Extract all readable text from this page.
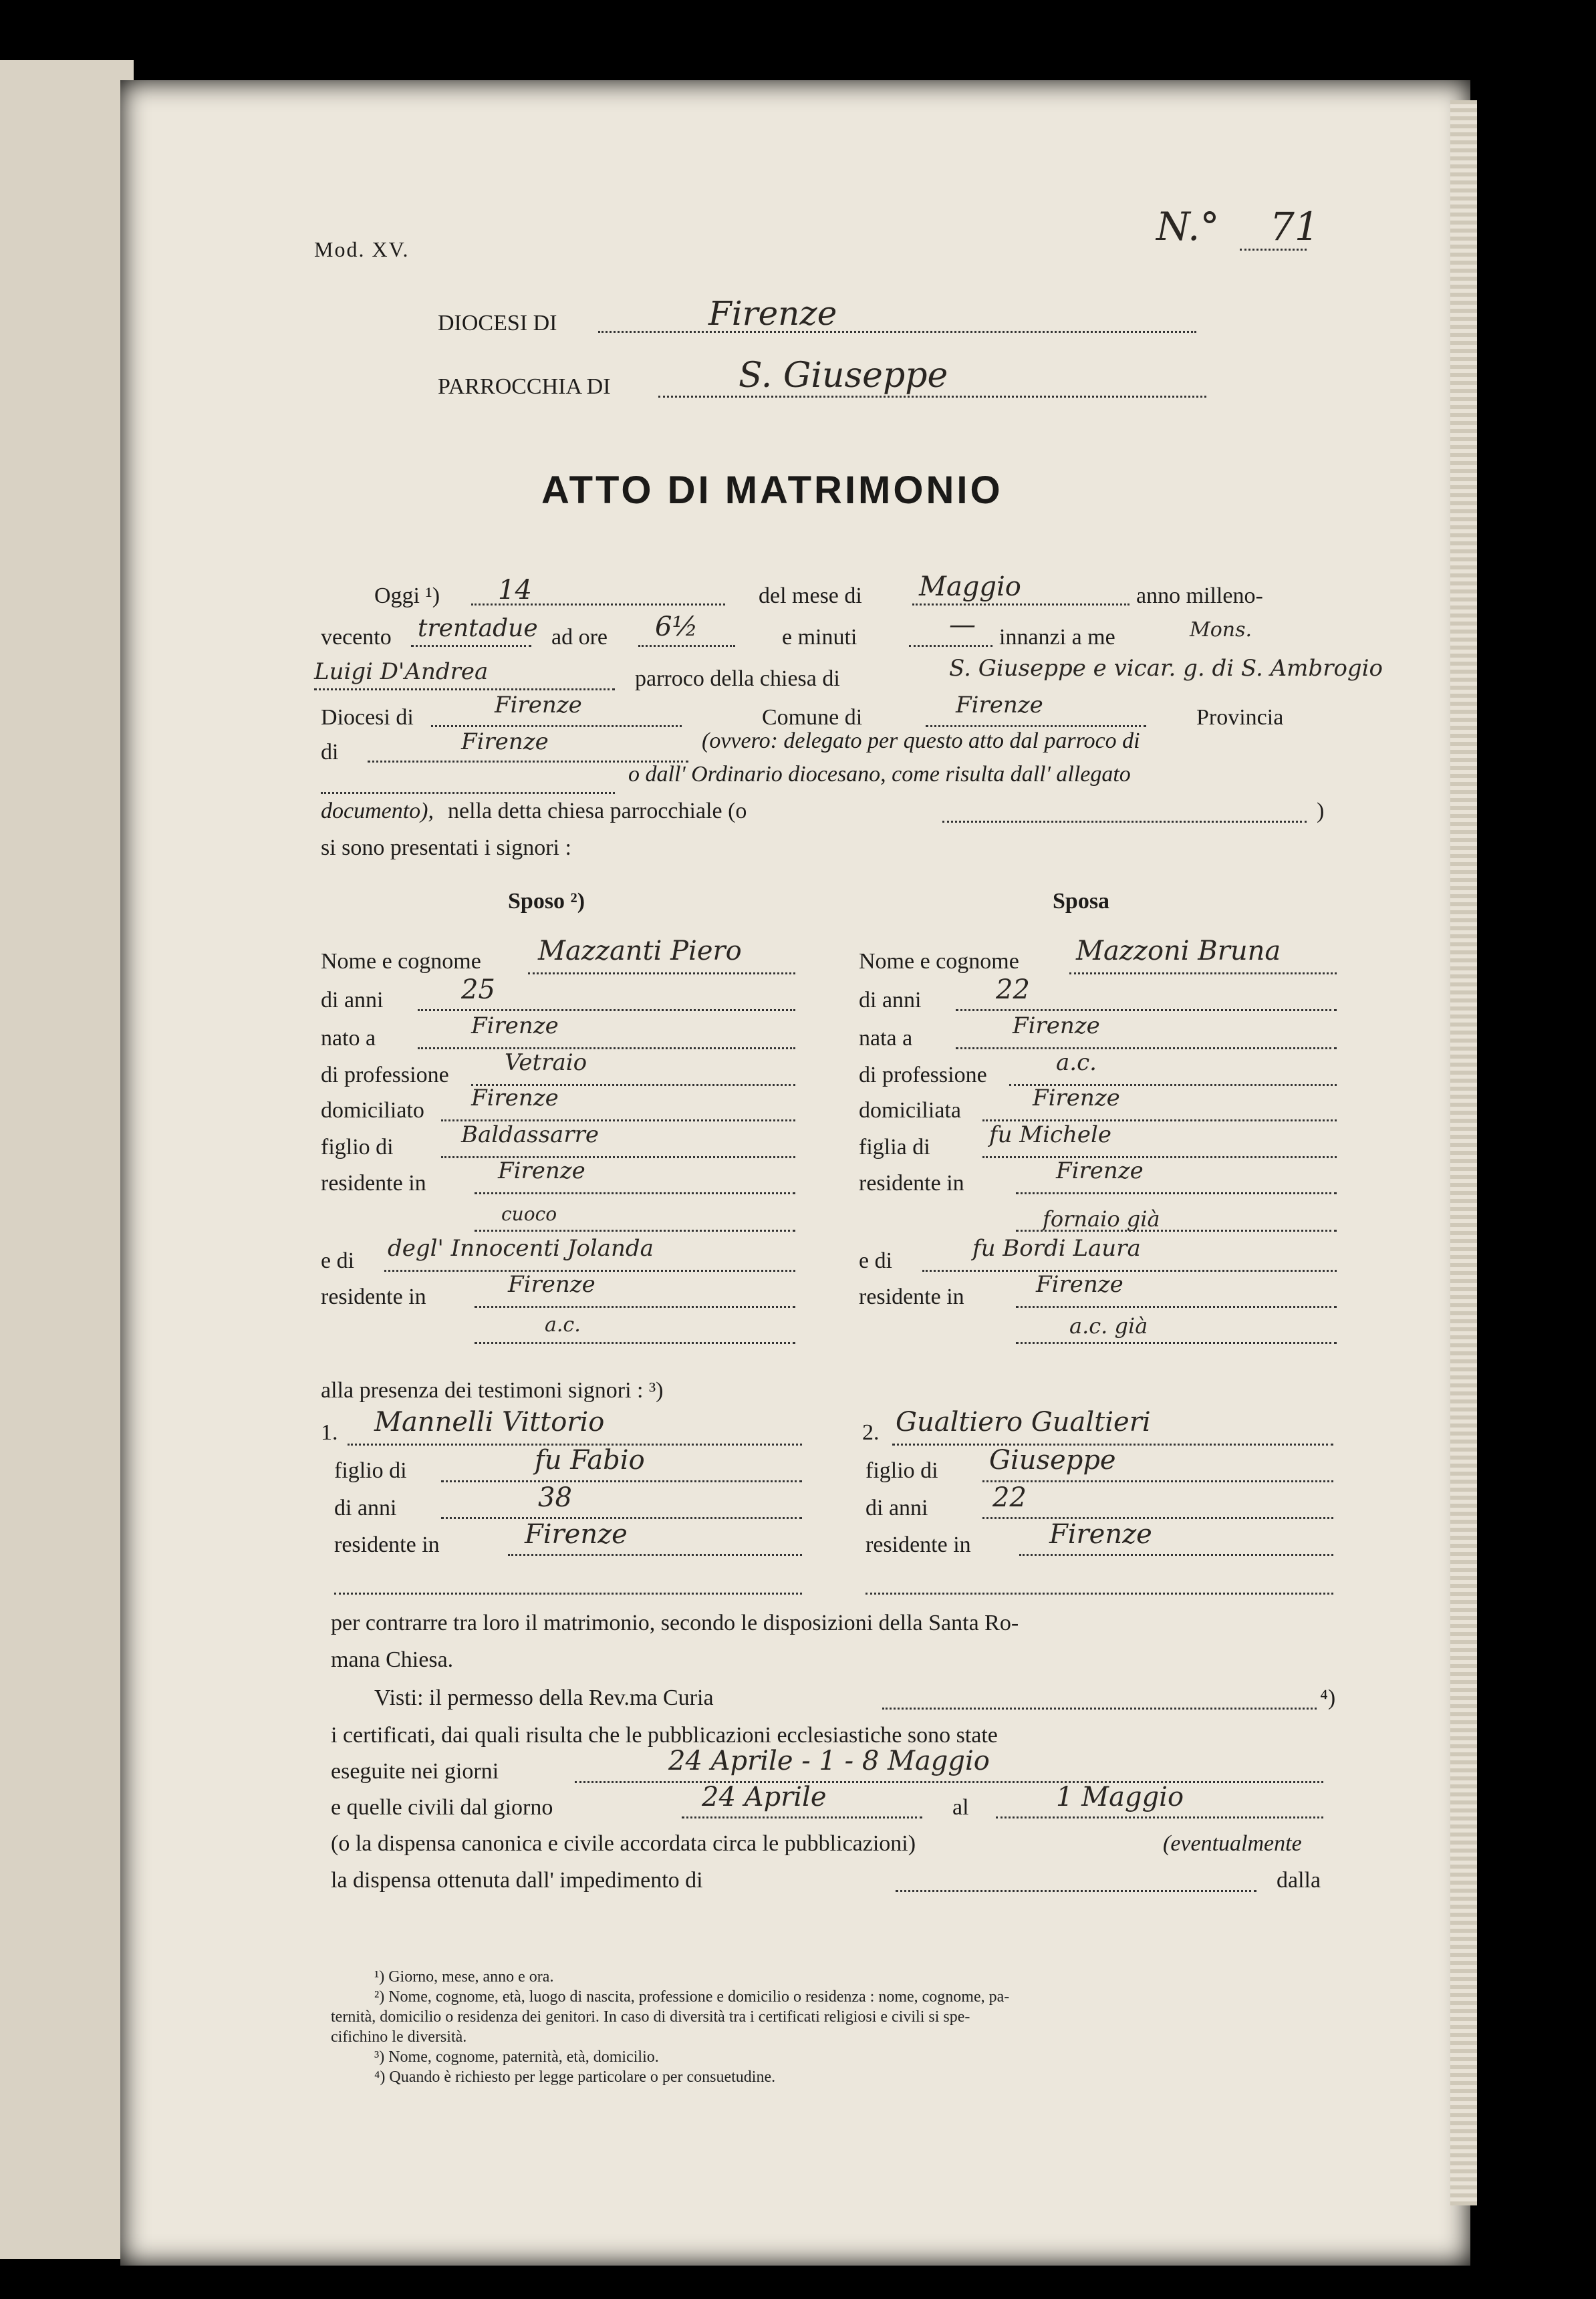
Mod. XV.	N.° 71
DIOCESI DI	Firenze
PARROCCHIA DI	S. Giuseppe
ATTO DI MATRIMONIO
Oggi ¹) 14	del mese di Maggio	anno milleno-
vecento trentadue ad ore 6½	e minuti	— innanzi a me	Mons.
Luigi D'Andrea	parroco della chiesa di	S. Giuseppe e vicar. g. di S. Ambrogio
Diocesi di	Firenze	Comune di	Firenze	Provincia
di	Firenze	(ovvero: delegato per questo atto dal parroco di
o dall' Ordinario diocesano, come risulta dall' allegato
documento), nella detta chiesa parrocchiale (o	)
si sono presentati i signori :
Sposo ²)
Nome e cognome Mazzanti Piero
di anni	25
nato a	Firenze
di professione Vetraio
domiciliato Firenze
figlio di	Baldassarre
residente in	Firenze
cuoco
e di degl' Innocenti Jolanda
residente in	Firenze
a.c.
Sposa
Nome e cognome Mazzoni Bruna
di anni	22
nata a	Firenze
di professione	a.c.
domiciliata	Firenze
figlia di	fu Michele
residente in	Firenze
fornaio già
e di	fu Bordi Laura
residente in	Firenze
a.c. già
alla presenza dei testimoni signori : ³)
1. Mannelli Vittorio
figlio di	fu Fabio
di anni	38
residente in	Firenze
2. Gualtiero Gualtieri
figlio di Giuseppe
di anni 22
residente in	Firenze
per contrarre tra loro il matrimonio, secondo le disposizioni della Santa Ro-
mana Chiesa.
Visti: il permesso della Rev.ma Curia	⁴)
i certificati, dai quali risulta che le pubblicazioni ecclesiastiche sono state
eseguite nei giorni	24 Aprile - 1 - 8 Maggio
e quelle civili dal giorno	24 Aprile	al	1 Maggio
(o la dispensa canonica e civile accordata circa le pubblicazioni)	(eventualmente
la dispensa ottenuta dall' impedimento di	dalla
¹) Giorno, mese, anno e ora.
²) Nome, cognome, età, luogo di nascita, professione e domicilio o residenza : nome, cognome, pa-
ternità, domicilio o residenza dei genitori. In caso di diversità tra i certificati religiosi e civili si spe-
cifichino le diversità.
³) Nome, cognome, paternità, età, domicilio.
⁴) Quando è richiesto per legge particolare o per consuetudine.
